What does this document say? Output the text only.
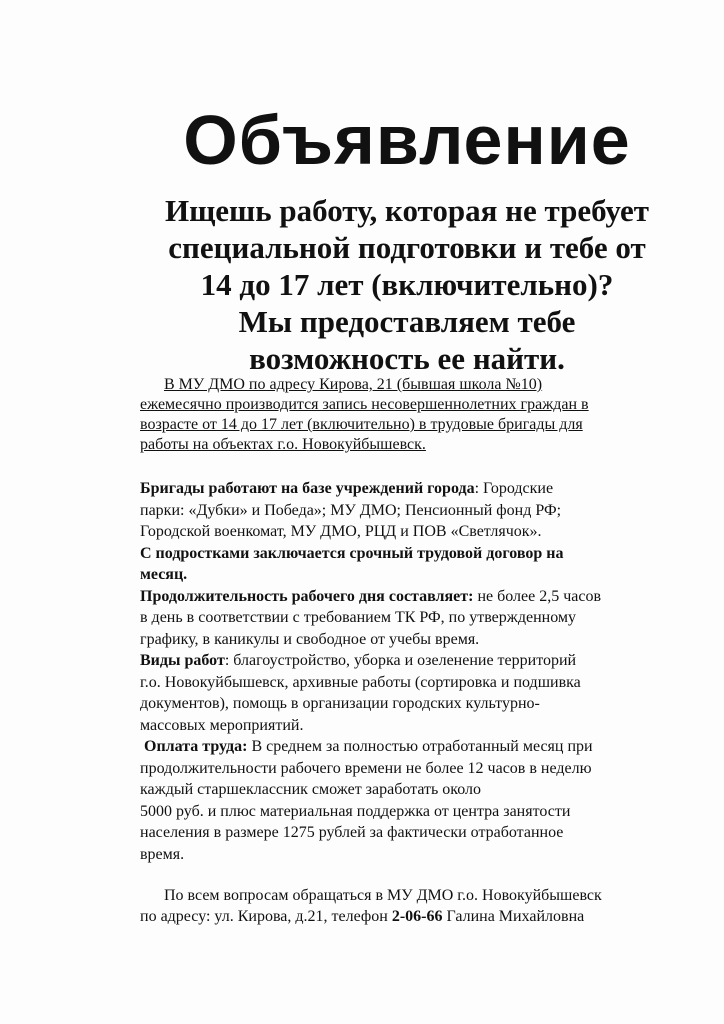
Объявление
Ищешь работу, которая не требует
специальной подготовки и тебе от
14 до 17 лет (включительно)?
Мы предоставляем тебе
возможность ее найти.
В МУ ДМО по адресу Кирова, 21 (бывшая школа №10)
ежемесячно производится запись несовершеннолетних граждан в
возрасте от 14 до 17 лет (включительно) в трудовые бригады для
работы на объектах г.о. Новокуйбышевск.
Бригады работают на базе учреждений города: Городские
парки: «Дубки» и Победа»; МУ ДМО; Пенсионный фонд РФ;
Городской военкомат, МУ ДМО, РЦД и ПОВ «Светлячок».
С подростками заключается срочный трудовой договор на
месяц.
Продолжительность рабочего дня составляет: не более 2,5 часов
в день в соответствии с требованием ТК РФ, по утвержденному
графику, в каникулы и свободное от учебы время.
Виды работ: благоустройство, уборка и озеленение территорий
г.о. Новокуйбышевск, архивные работы (сортировка и подшивка
документов), помощь в организации городских культурно-
массовых мероприятий.
Оплата труда: В среднем за полностью отработанный месяц при
продолжительности рабочего времени не более 12 часов в неделю
каждый старшеклассник сможет заработать около
5000 руб. и плюс материальная поддержка от центра занятости
населения в размере 1275 рублей за фактически отработанное
время.
По всем вопросам обращаться в МУ ДМО г.о. Новокуйбышевск
по адресу: ул. Кирова, д.21, телефон 2-06-66 Галина Михайловна
